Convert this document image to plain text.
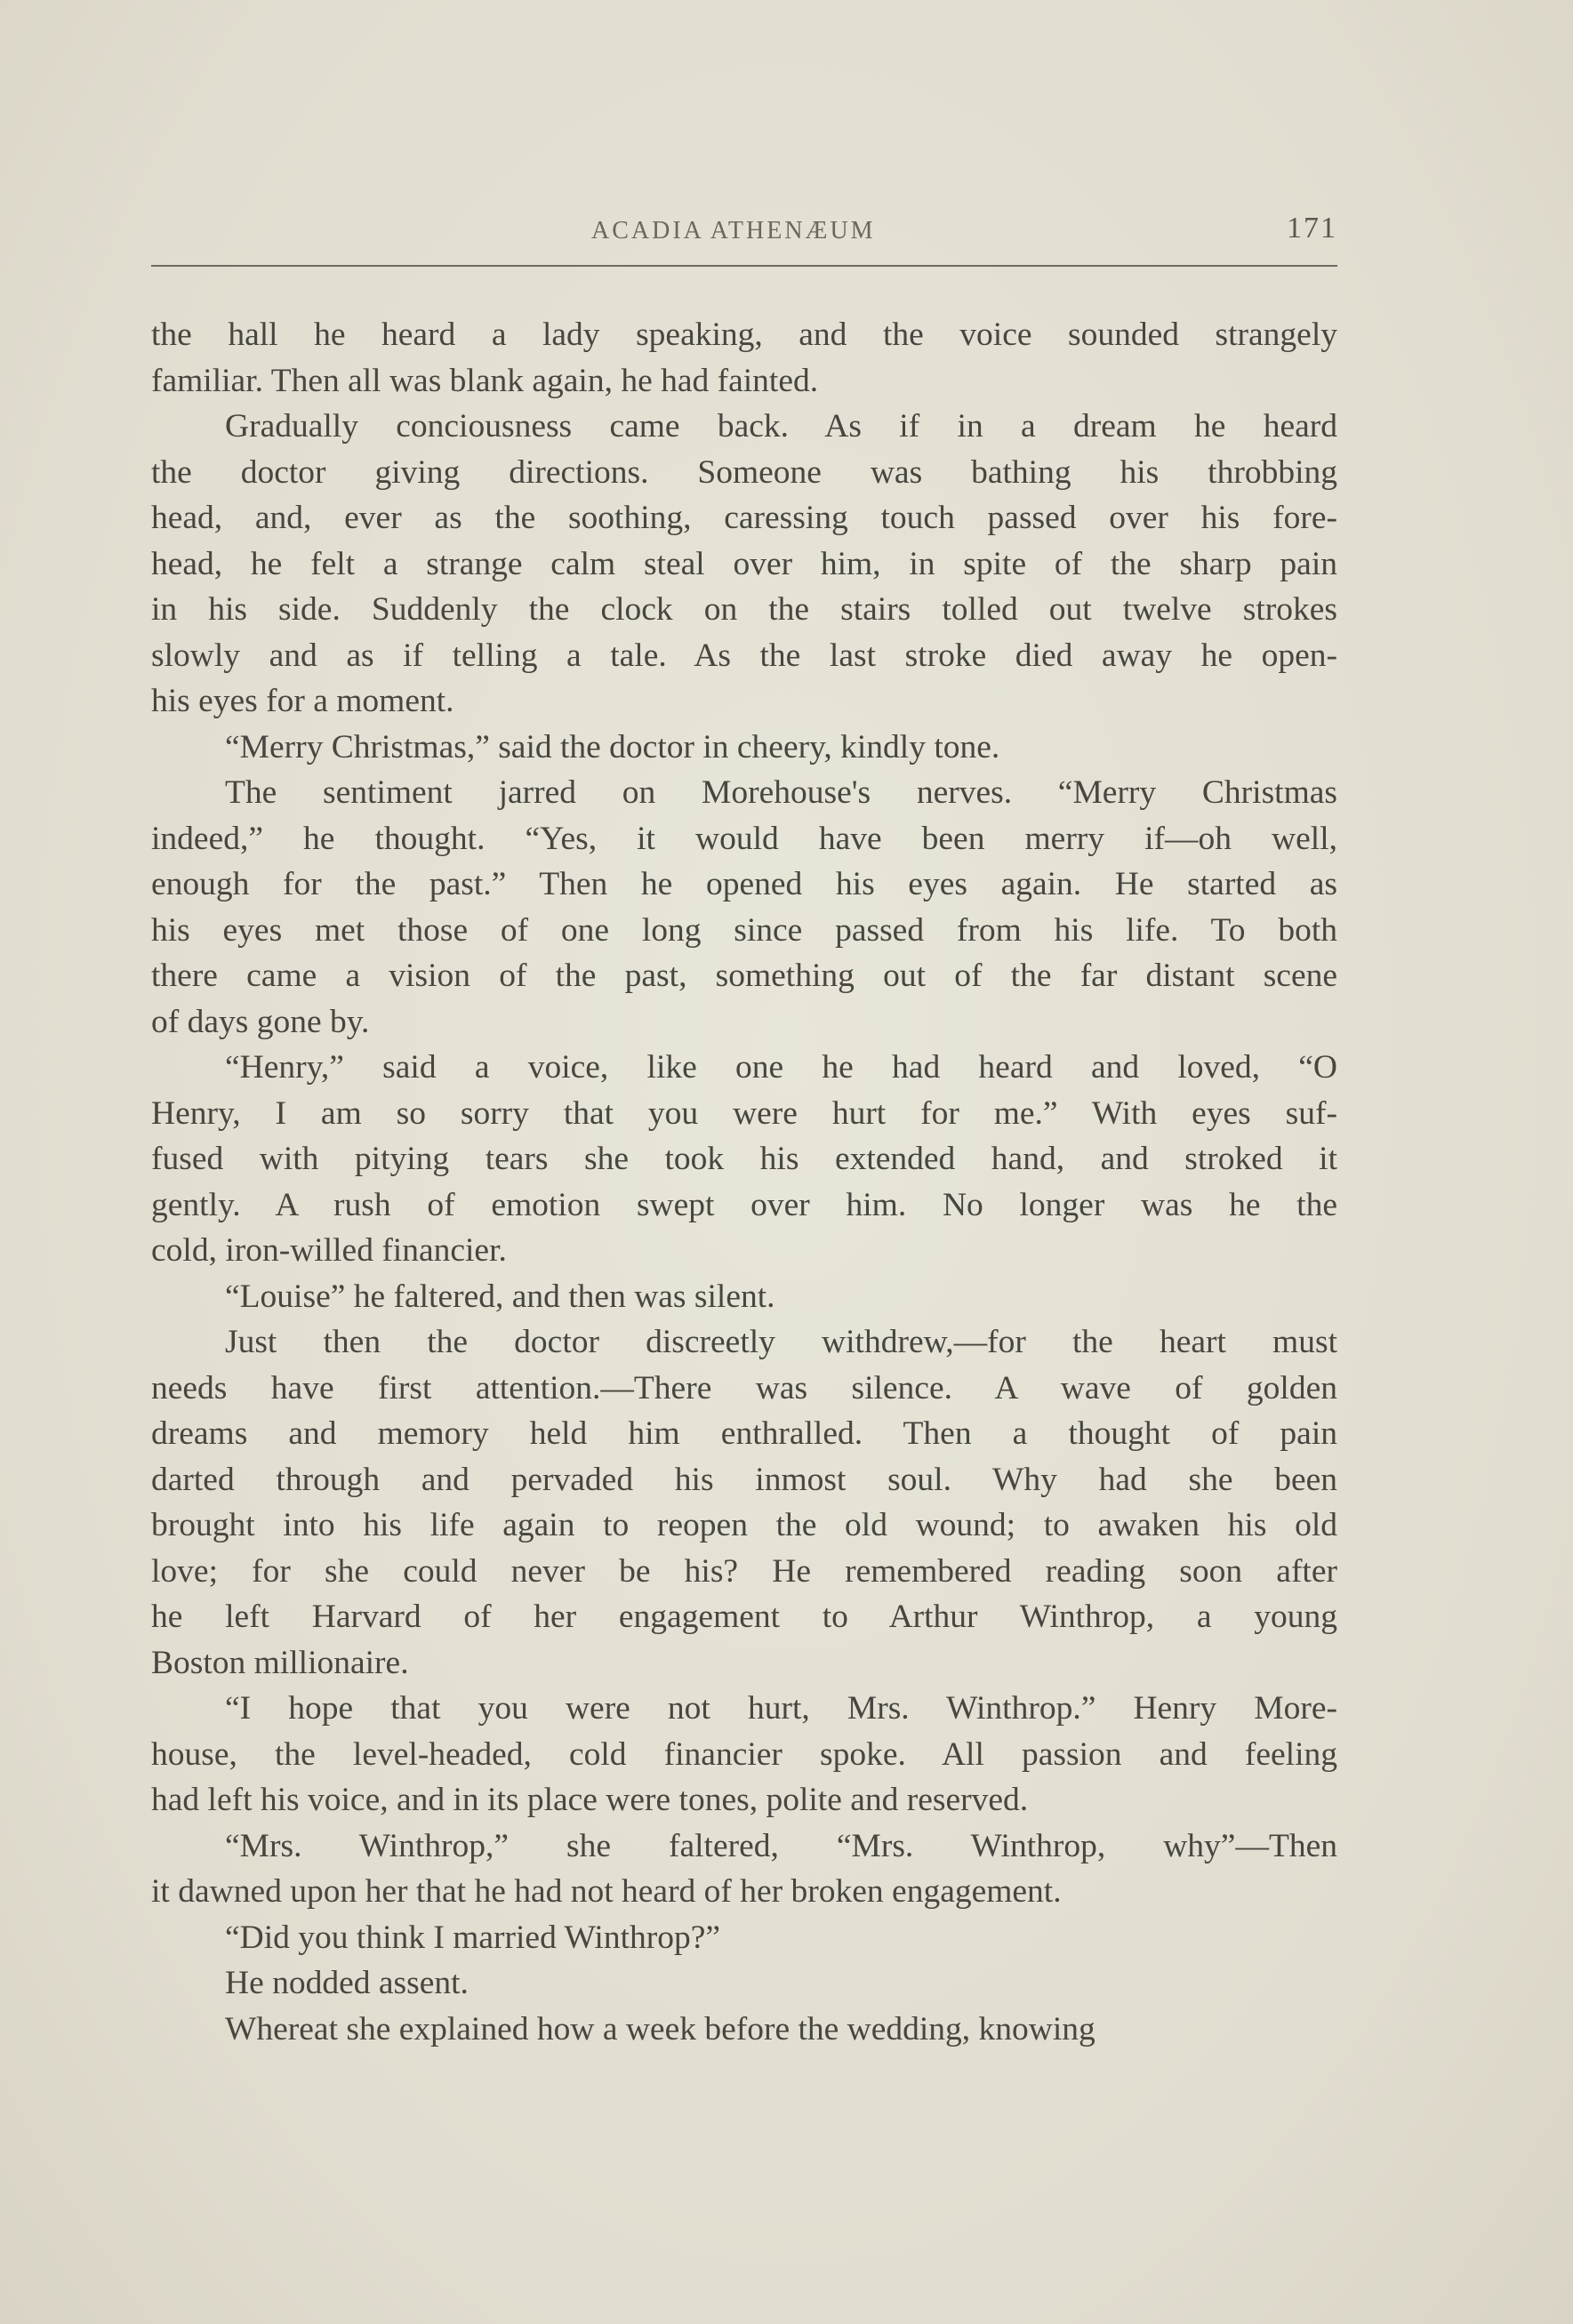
ACADIA ATHENÆUM	171
the hall he heard a lady speaking, and the voice sounded strangely
familiar. Then all was blank again, he had fainted.
Gradually conciousness came back. As if in a dream he heard
the doctor giving directions. Someone was bathing his throbbing
head, and, ever as the soothing, caressing touch passed over his fore-
head, he felt a strange calm steal over him, in spite of the sharp pain
in his side. Suddenly the clock on the stairs tolled out twelve strokes
slowly and as if telling a tale. As the last stroke died away he open-
his eyes for a moment.
“Merry Christmas,” said the doctor in cheery, kindly tone.
The sentiment jarred on Morehouse's nerves. “Merry Christmas
indeed,” he thought. “Yes, it would have been merry if—oh well,
enough for the past.” Then he opened his eyes again. He started as
his eyes met those of one long since passed from his life. To both
there came a vision of the past, something out of the far distant scene
of days gone by.
“Henry,” said a voice, like one he had heard and loved, “O
Henry, I am so sorry that you were hurt for me.” With eyes suf-
fused with pitying tears she took his extended hand, and stroked it
gently. A rush of emotion swept over him. No longer was he the
cold, iron-willed financier.
“Louise” he faltered, and then was silent.
Just then the doctor discreetly withdrew,—for the heart must
needs have first attention.—There was silence. A wave of golden
dreams and memory held him enthralled. Then a thought of pain
darted through and pervaded his inmost soul. Why had she been
brought into his life again to reopen the old wound; to awaken his old
love; for she could never be his? He remembered reading soon after
he left Harvard of her engagement to Arthur Winthrop, a young
Boston millionaire.
“I hope that you were not hurt, Mrs. Winthrop.” Henry More-
house, the level-headed, cold financier spoke. All passion and feeling
had left his voice, and in its place were tones, polite and reserved.
“Mrs. Winthrop,” she faltered, “Mrs. Winthrop, why”—Then
it dawned upon her that he had not heard of her broken engagement.
“Did you think I married Winthrop?”
He nodded assent.
Whereat she explained how a week before the wedding, knowing
